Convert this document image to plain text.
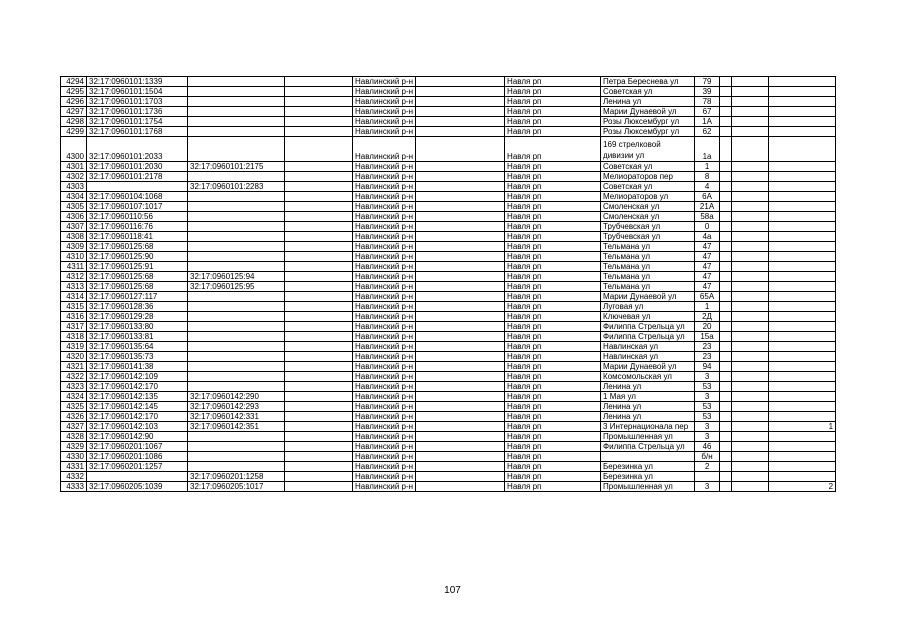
4294	32:17:0960101:1339			Навлинский р-н		Навля рп	Петра Береснева ул	79			
4295	32:17:0960101:1504			Навлинский р-н		Навля рп	Советская ул	39			
4296	32:17:0960101:1703			Навлинский р-н		Навля рп	Ленина ул	78			
4297	32:17:0960101:1736			Навлинский р-н		Навля рп	Марии Дунаевой ул	67			
4298	32:17:0960101:1754			Навлинский р-н		Навля рп	Розы Люксембург ул	1А			
4299	32:17:0960101:1768			Навлинский р-н		Навля рп	Розы Люксембург ул	62			
4300	32:17:0960101:2033			Навлинский р-н		Навля рп	169 стрелковой дивизии ул	1а			
4301	32:17:0960101:2030	32:17:0960101:2175		Навлинский р-н		Навля рп	Советская ул	1			
4302	32:17:0960101:2178			Навлинский р-н		Навля рп	Мелиораторов пер	8			
4303		32:17:0960101:2283		Навлинский р-н		Навля рп	Советская ул	4			
4304	32:17:0960104:1068			Навлинский р-н		Навля рп	Мелиораторов ул	6А			
4305	32:17:0960107:1017			Навлинский р-н		Навля рп	Смоленская ул	21А			
4306	32:17:0960110:56			Навлинский р-н		Навля рп	Смоленская ул	58а			
4307	32:17:0960116:76			Навлинский р-н		Навля рп	Трубчевская ул	0			
4308	32:17:0960118:41			Навлинский р-н		Навля рп	Трубчевская ул	4а			
4309	32:17:0960125:68			Навлинский р-н		Навля рп	Тельмана ул	47			
4310	32:17:0960125:90			Навлинский р-н		Навля рп	Тельмана ул	47			
4311	32:17:0960125:91			Навлинский р-н		Навля рп	Тельмана ул	47			
4312	32:17:0960125:68	32:17:0960125:94		Навлинский р-н		Навля рп	Тельмана ул	47			
4313	32:17:0960125:68	32:17:0960125:95		Навлинский р-н		Навля рп	Тельмана ул	47			
4314	32:17:0960127:117			Навлинский р-н		Навля рп	Марии Дунаевой ул	65А			
4315	32:17:0960128:36			Навлинский р-н		Навля рп	Луговая ул	1			
4316	32:17:0960129:28			Навлинский р-н		Навля рп	Ключевая ул	2Д			
4317	32:17:0960133:80			Навлинский р-н		Навля рп	Филиппа Стрельца ул	20			
4318	32:17:0960133:81			Навлинский р-н		Навля рп	Филиппа Стрельца ул	15а			
4319	32:17:0960135:64			Навлинский р-н		Навля рп	Навлинская ул	23			
4320	32:17:0960135:73			Навлинский р-н		Навля рп	Навлинская ул	23			
4321	32:17:0960141:38			Навлинский р-н		Навля рп	Марии Дунаевой ул	94			
4322	32:17:0960142:109			Навлинский р-н		Навля рп	Комсомольская ул	3			
4323	32:17:0960142:170			Навлинский р-н		Навля рп	Ленина ул	53			
4324	32:17:0960142:135	32:17:0960142:290		Навлинский р-н		Навля рп	1 Мая ул	3			
4325	32:17:0960142:145	32:17:0960142:293		Навлинский р-н		Навля рп	Ленина ул	53			
4326	32:17:0960142:170	32:17:0960142:331		Навлинский р-н		Навля рп	Ленина ул	53			
4327	32:17:0960142:103	32:17:0960142:351		Навлинский р-н		Навля рп	3 Интернационала пер	3			1
4328	32:17:0960142:90			Навлинский р-н		Навля рп	Промышленная ул	3			
4329	32:17:0960201:1067			Навлинский р-н		Навля рп	Филиппа Стрельца ул	46			
4330	32:17:0960201:1086			Навлинский р-н		Навля рп		б/н			
4331	32:17:0960201:1257			Навлинский р-н		Навля рп	Березинка ул	2			
4332		32:17:0960201:1258		Навлинский р-н		Навля рп	Березинка ул				
4333	32:17:0960205:1039	32:17:0960205:1017		Навлинский р-н		Навля рп	Промышленная ул	3			2
107
